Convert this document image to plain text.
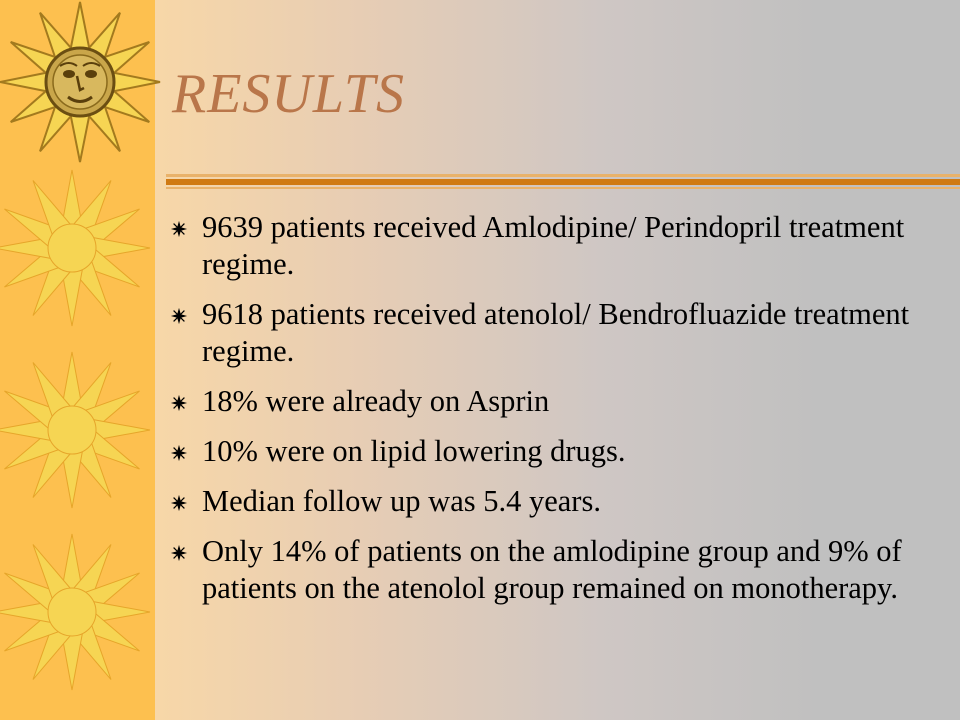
RESULTS
9639 patients received Amlodipine/ Perindopril treatment regime.
9618 patients received atenolol/ Bendrofluazide treatment regime.
18% were already on Asprin
10% were on lipid lowering drugs.
Median follow up was 5.4 years.
Only 14% of patients on the amlodipine group and 9% of patients on the atenolol group remained on monotherapy.
